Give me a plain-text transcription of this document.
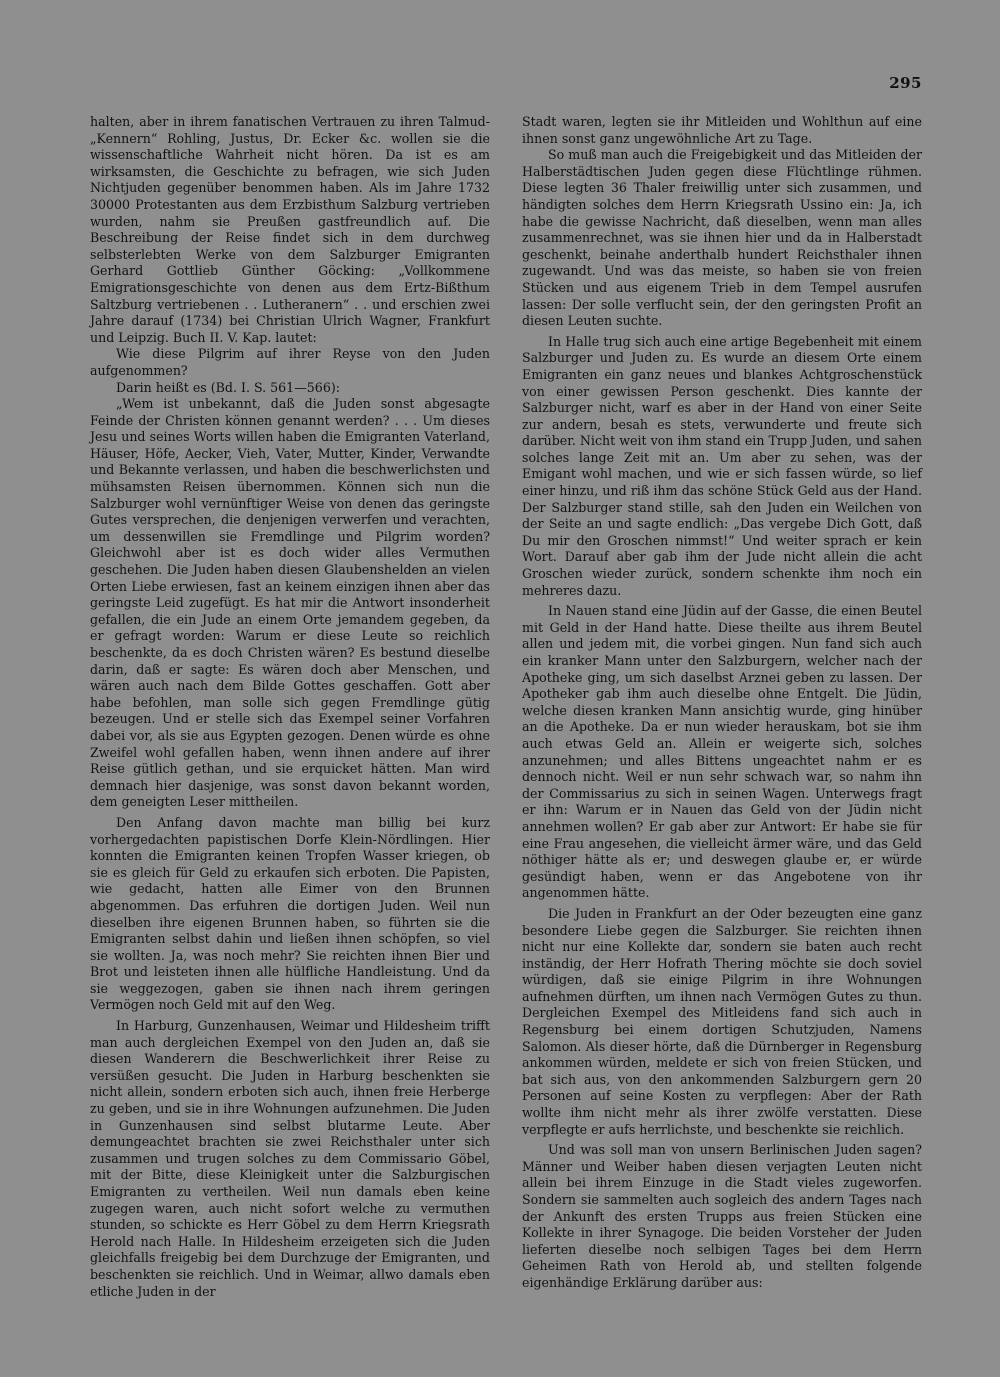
295

halten, aber in ihrem fanatischen Vertrauen zu ihren Talmud-„Kennern“ Rohling, Justus, Dr. Ecker &c. wollen sie die wissenschaftliche Wahrheit nicht hören. Da ist es am wirksamsten, die Geschichte zu befragen, wie sich Juden Nichtjuden gegenüber benommen haben. Als im Jahre 1732 30000 Protestanten aus dem Erzbisthum Salzburg vertrieben wurden, nahm sie Preußen gastfreundlich auf. Die Beschreibung der Reise findet sich in dem durchweg selbsterlebten Werke von dem Salzburger Emigranten Gerhard Gottlieb Günther Göcking: „Vollkommene Emigrationsgeschichte von denen aus dem Ertz-Bißthum Saltzburg vertriebenen . . Lutheranern“ . . und erschien zwei Jahre darauf (1734) bei Christian Ulrich Wagner, Frankfurt und Leipzig. Buch II. V. Kap. lautet:

Wie diese Pilgrim auf ihrer Reyse von den Juden aufgenommen?

Darin heißt es (Bd. I. S. 561—566):

„Wem ist unbekannt, daß die Juden sonst abgesagte Feinde der Christen können genannt werden? . . . Um dieses Jesu und seines Worts willen haben die Emigranten Vaterland, Häuser, Höfe, Aecker, Vieh, Vater, Mutter, Kinder, Verwandte und Bekannte verlassen, und haben die beschwerlichsten und mühsamsten Reisen übernommen. Können sich nun die Salzburger wohl vernünftiger Weise von denen das geringste Gutes versprechen, die denjenigen verwerfen und verachten, um dessenwillen sie Fremdlinge und Pilgrim worden? Gleichwohl aber ist es doch wider alles Vermuthen geschehen. Die Juden haben diesen Glaubenshelden an vielen Orten Liebe erwiesen, fast an keinem einzigen ihnen aber das geringste Leid zugefügt. Es hat mir die Antwort insonderheit gefallen, die ein Jude an einem Orte jemandem gegeben, da er gefragt worden: Warum er diese Leute so reichlich beschenkte, da es doch Christen wären? Es bestund dieselbe darin, daß er sagte: Es wären doch aber Menschen, und wären auch nach dem Bilde Gottes geschaffen. Gott aber habe befohlen, man solle sich gegen Fremdlinge gütig bezeugen. Und er stelle sich das Exempel seiner Vorfahren dabei vor, als sie aus Egypten gezogen. Denen würde es ohne Zweifel wohl gefallen haben, wenn ihnen andere auf ihrer Reise gütlich gethan, und sie erquicket hätten. Man wird demnach hier dasjenige, was sonst davon bekannt worden, dem geneigten Leser mittheilen.

Den Anfang davon machte man billig bei kurz vorhergedachten papistischen Dorfe Klein-Nördlingen. Hier konnten die Emigranten keinen Tropfen Wasser kriegen, ob sie es gleich für Geld zu erkaufen sich erboten. Die Papisten, wie gedacht, hatten alle Eimer von den Brunnen abgenommen. Das erfuhren die dortigen Juden. Weil nun dieselben ihre eigenen Brunnen haben, so führten sie die Emigranten selbst dahin und ließen ihnen schöpfen, so viel sie wollten. Ja, was noch mehr? Sie reichten ihnen Bier und Brot und leisteten ihnen alle hülfliche Handleistung. Und da sie weggezogen, gaben sie ihnen nach ihrem geringen Vermögen noch Geld mit auf den Weg.

In Harburg, Gunzenhausen, Weimar und Hildesheim trifft man auch dergleichen Exempel von den Juden an, daß sie diesen Wanderern die Beschwerlichkeit ihrer Reise zu versüßen gesucht. Die Juden in Harburg beschenkten sie nicht allein, sondern erboten sich auch, ihnen freie Herberge zu geben, und sie in ihre Wohnungen aufzunehmen. Die Juden in Gunzenhausen sind selbst blutarme Leute. Aber demungeachtet brachten sie zwei Reichsthaler unter sich zusammen und trugen solches zu dem Commissario Göbel, mit der Bitte, diese Kleinigkeit unter die Salzburgischen Emigranten zu vertheilen. Weil nun damals eben keine zugegen waren, auch nicht sofort welche zu vermuthen stunden, so schickte es Herr Göbel zu dem Herrn Kriegsrath Herold nach Halle. In Hildesheim erzeigeten sich die Juden gleichfalls freigebig bei dem Durchzuge der Emigranten, und beschenkten sie reichlich. Und in Weimar, allwo damals eben etliche Juden in der

Stadt waren, legten sie ihr Mitleiden und Wohlthun auf eine ihnen sonst ganz ungewöhnliche Art zu Tage.

So muß man auch die Freigebigkeit und das Mitleiden der Halberstädtischen Juden gegen diese Flüchtlinge rühmen. Diese legten 36 Thaler freiwillig unter sich zusammen, und händigten solches dem Herrn Kriegsrath Ussino ein: Ja, ich habe die gewisse Nachricht, daß dieselben, wenn man alles zusammenrechnet, was sie ihnen hier und da in Halberstadt geschenkt, beinahe anderthalb hundert Reichsthaler ihnen zugewandt. Und was das meiste, so haben sie von freien Stücken und aus eigenem Trieb in dem Tempel ausrufen lassen: Der solle verflucht sein, der den geringsten Profit an diesen Leuten suchte.

In Halle trug sich auch eine artige Begebenheit mit einem Salzburger und Juden zu. Es wurde an diesem Orte einem Emigranten ein ganz neues und blankes Achtgroschenstück von einer gewissen Person geschenkt. Dies kannte der Salzburger nicht, warf es aber in der Hand von einer Seite zur andern, besah es stets, verwunderte und freute sich darüber. Nicht weit von ihm stand ein Trupp Juden, und sahen solches lange Zeit mit an. Um aber zu sehen, was der Emigant wohl machen, und wie er sich fassen würde, so lief einer hinzu, und riß ihm das schöne Stück Geld aus der Hand. Der Salzburger stand stille, sah den Juden ein Weilchen von der Seite an und sagte endlich: „Das vergebe Dich Gott, daß Du mir den Groschen nimmst!“ Und weiter sprach er kein Wort. Darauf aber gab ihm der Jude nicht allein die acht Groschen wieder zurück, sondern schenkte ihm noch ein mehreres dazu.

In Nauen stand eine Jüdin auf der Gasse, die einen Beutel mit Geld in der Hand hatte. Diese theilte aus ihrem Beutel allen und jedem mit, die vorbei gingen. Nun fand sich auch ein kranker Mann unter den Salzburgern, welcher nach der Apotheke ging, um sich daselbst Arznei geben zu lassen. Der Apotheker gab ihm auch dieselbe ohne Entgelt. Die Jüdin, welche diesen kranken Mann ansichtig wurde, ging hinüber an die Apotheke. Da er nun wieder herauskam, bot sie ihm auch etwas Geld an. Allein er weigerte sich, solches anzunehmen; und alles Bittens ungeachtet nahm er es dennoch nicht. Weil er nun sehr schwach war, so nahm ihn der Commissarius zu sich in seinen Wagen. Unterwegs fragt er ihn: Warum er in Nauen das Geld von der Jüdin nicht annehmen wollen? Er gab aber zur Antwort: Er habe sie für eine Frau angesehen, die vielleicht ärmer wäre, und das Geld nöthiger hätte als er; und deswegen glaube er, er würde gesündigt haben, wenn er das Angebotene von ihr angenommen hätte.

Die Juden in Frankfurt an der Oder bezeugten eine ganz besondere Liebe gegen die Salzburger. Sie reichten ihnen nicht nur eine Kollekte dar, sondern sie baten auch recht inständig, der Herr Hofrath Thering möchte sie doch soviel würdigen, daß sie einige Pilgrim in ihre Wohnungen aufnehmen dürften, um ihnen nach Vermögen Gutes zu thun. Dergleichen Exempel des Mitleidens fand sich auch in Regensburg bei einem dortigen Schutzjuden, Namens Salomon. Als dieser hörte, daß die Dürnberger in Regensburg ankommen würden, meldete er sich von freien Stücken, und bat sich aus, von den ankommenden Salzburgern gern 20 Personen auf seine Kosten zu verpflegen: Aber der Rath wollte ihm nicht mehr als ihrer zwölfe verstatten. Diese verpflegte er aufs herrlichste, und beschenkte sie reichlich.

Und was soll man von unsern Berlinischen Juden sagen? Männer und Weiber haben diesen verjagten Leuten nicht allein bei ihrem Einzuge in die Stadt vieles zugeworfen. Sondern sie sammelten auch sogleich des andern Tages nach der Ankunft des ersten Trupps aus freien Stücken eine Kollekte in ihrer Synagoge. Die beiden Vorsteher der Juden lieferten dieselbe noch selbigen Tages bei dem Herrn Geheimen Rath von Herold ab, und stellten folgende eigenhändige Erklärung darüber aus:
